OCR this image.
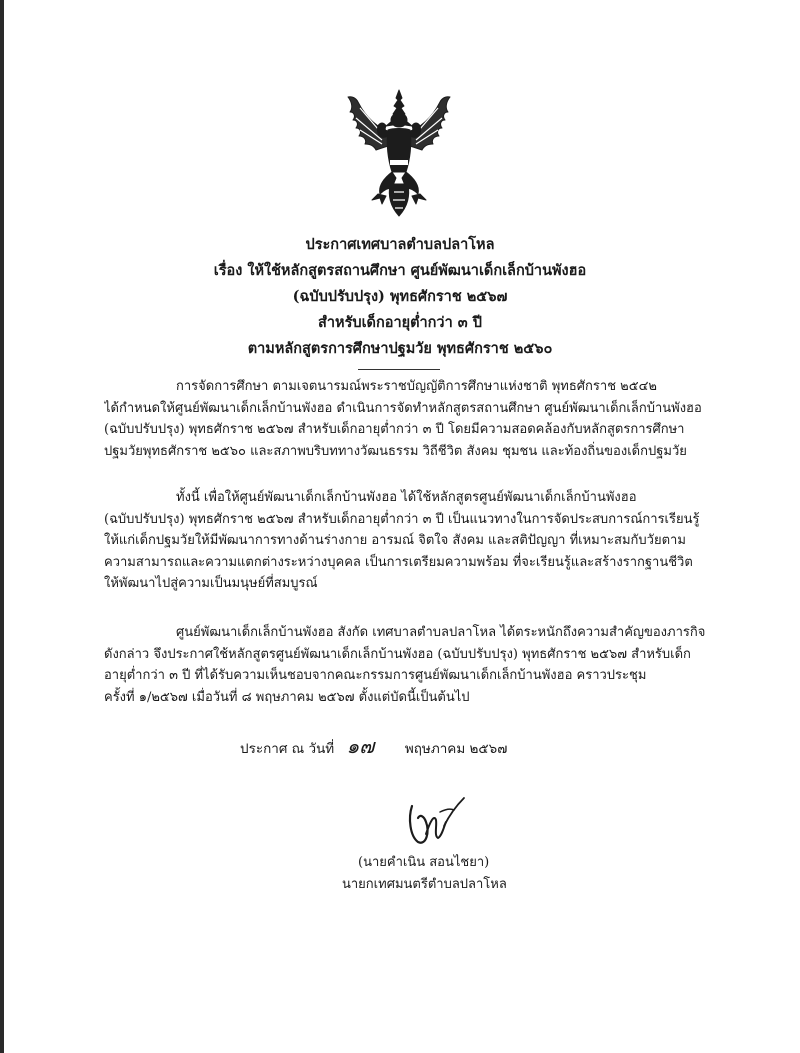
ประกาศเทศบาลตำบลปลาโหล
เรื่อง ให้ใช้หลักสูตรสถานศึกษา ศูนย์พัฒนาเด็กเล็กบ้านพังฮอ
(ฉบับปรับปรุง) พุทธศักราช ๒๕๖๗
สำหรับเด็กอายุต่ำกว่า ๓ ปี
ตามหลักสูตรการศึกษาปฐมวัย พุทธศักราช ๒๕๖๐
การจัดการศึกษา ตามเจตนารมณ์พระราชบัญญัติการศึกษาแห่งชาติ พุทธศักราช ๒๕๔๒
ได้กำหนดให้ศูนย์พัฒนาเด็กเล็กบ้านพังฮอ ดำเนินการจัดทำหลักสูตรสถานศึกษา ศูนย์พัฒนาเด็กเล็กบ้านพังฮอ
(ฉบับปรับปรุง) พุทธศักราช ๒๕๖๗ สำหรับเด็กอายุต่ำกว่า ๓ ปี โดยมีความสอดคล้องกับหลักสูตรการศึกษา
ปฐมวัยพุทธศักราช ๒๕๖๐ และสภาพบริบททางวัฒนธรรม วิถีชีวิต สังคม ชุมชน และท้องถิ่นของเด็กปฐมวัย
ทั้งนี้ เพื่อให้ศูนย์พัฒนาเด็กเล็กบ้านพังฮอ ได้ใช้หลักสูตรศูนย์พัฒนาเด็กเล็กบ้านพังฮอ
(ฉบับปรับปรุง) พุทธศักราช ๒๕๖๗ สำหรับเด็กอายุต่ำกว่า ๓ ปี เป็นแนวทางในการจัดประสบการณ์การเรียนรู้
ให้แก่เด็กปฐมวัยให้มีพัฒนาการทางด้านร่างกาย อารมณ์ จิตใจ สังคม และสติปัญญา ที่เหมาะสมกับวัยตาม
ความสามารถและความแตกต่างระหว่างบุคคล เป็นการเตรียมความพร้อม ที่จะเรียนรู้และสร้างรากฐานชีวิต
ให้พัฒนาไปสู่ความเป็นมนุษย์ที่สมบูรณ์
ศูนย์พัฒนาเด็กเล็กบ้านพังฮอ สังกัด เทศบาลตำบลปลาโหล ได้ตระหนักถึงความสำคัญของภารกิจ
ดังกล่าว จึงประกาศใช้หลักสูตรศูนย์พัฒนาเด็กเล็กบ้านพังฮอ (ฉบับปรับปรุง) พุทธศักราช ๒๕๖๗ สำหรับเด็ก
อายุต่ำกว่า ๓ ปี ที่ได้รับความเห็นชอบจากคณะกรรมการศูนย์พัฒนาเด็กเล็กบ้านพังฮอ คราวประชุม
ครั้งที่ ๑/๒๕๖๗ เมื่อวันที่ ๘ พฤษภาคม ๒๕๖๗ ตั้งแต่บัดนี้เป็นต้นไป
ประกาศ ณ วันที่ ๑๗ พฤษภาคม ๒๕๖๗
(นายคำเนิน สอนไชยา)
นายกเทศมนตรีตำบลปลาโหล
